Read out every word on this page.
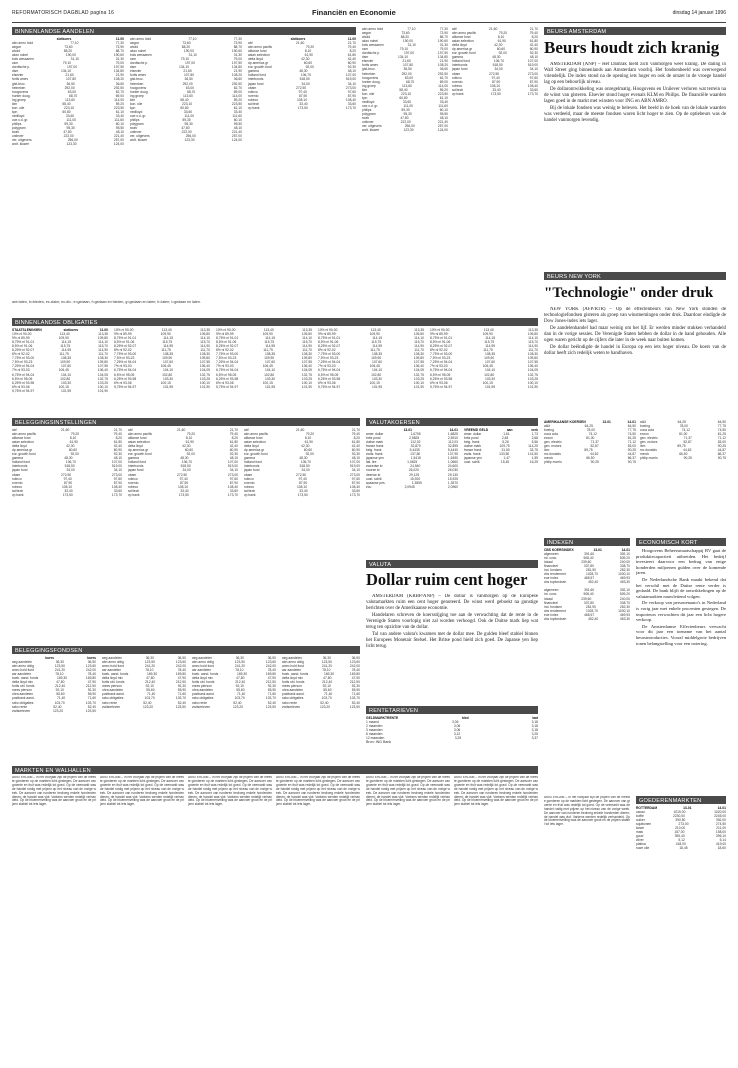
REFORMATORISCH DAGBLAD pagina 16	Financiën en Economie	dinsdag 14 januari 1996
BINNENLANDSE AANDELEN
slotkoers	11.00
abn amro hold	77,10	77,30
aegon	73,60	73,90
ahold	88,20	88,70
akzo nobel	190,00	190,60
bols wessanen	31,10	31,30
csm	79,10	79,00
dordtsche p.	197,00	197,50
dsm	134,10	134,80
elsevier	21,60	21,90
fortis amev	107,80	108,20
gist-broc.	36,50	36,60
heineken	292,00	292,50
hoogovens	63,00	62,70
hunter doug.	68,70	69,00
ing groep	113,60	114,00
klm	58,40	59,20
kon. olie	223,10	223,50
kpn	60,80	61,10
nedlloyd	33,60	33,40
oce-v.d. gr.	111,00	111,60
philips	59,30	60,10
polygram	95,30	95,50
stork	47,80	48,10
unilever	222,00	221,40
ver. uitgevers	256,00	257,00
wolt. kluwer	123,30	124,00
abn amro hold	77,10	77,30
aegon	73,60	73,90
ahold	88,20	88,70
akzo nobel	190,00	190,60
bols wessanen	31,10	31,30
csm	79,10	79,00
dordtsche p.	197,00	197,50
dsm	134,10	134,80
elsevier	21,60	21,90
fortis amev	107,80	108,20
gist-broc.	36,50	36,60
heineken	292,00	292,50
hoogovens	63,00	62,70
hunter doug.	68,70	69,00
ing groep	113,60	114,00
klm	58,40	59,20
kon. olie	223,10	223,50
kpn	60,80	61,10
nedlloyd	33,60	33,40
oce-v.d. gr.	111,00	111,60
philips	59,30	60,10
polygram	95,30	95,50
stork	47,80	48,10
unilever	222,00	221,40
ver. uitgevers	256,00	257,00
wolt. kluwer	123,30	124,00
slotkoers	11.00
abf	21,60	21,70
abn amro pacific	79,20	79,40
alliance fund	8,10	8,20
asian selection	61,90	61,80
delta lloyd	42,30	42,40
dp america gr	60,60	60,90
eur. growth fund	92,00	92,30
gamma	48,30	48,10
holland fund	106,70	107,00
interbonds	518,50	519,00
japan fund	34,00	34,10
obam	272,50	273,00
rolinco	97,40	97,60
rorento	87,90	87,90
robeco	108,10	108,40
sci/tech	33,40	33,60
vp bank	173,50	173,70
ant=laten, b=bieden, ex-claim; ex-div.; e=gedaan, f=gedaan en bieden, g=gedaan en laten; h=laten; i=gedaan en laten.
abn amro hold	77,10	77,30
aegon	73,60	73,90
ahold	88,20	88,70
akzo nobel	190,00	190,60
bols wessanen	31,10	31,30
csm	79,10	79,00
dordtsche p.	197,00	197,50
dsm	134,10	134,80
elsevier	21,60	21,90
fortis amev	107,80	108,20
gist-broc.	36,50	36,60
heineken	292,00	292,50
hoogovens	63,00	62,70
hunter doug.	68,70	69,00
ing groep	113,60	114,00
klm	58,40	59,20
kon. olie	223,10	223,50
kpn	60,80	61,10
nedlloyd	33,60	33,40
oce-v.d. gr.	111,00	111,60
philips	59,30	60,10
polygram	95,30	95,50
stork	47,80	48,10
unilever	222,00	221,40
ver. uitgevers	256,00	257,00
wolt. kluwer	123,30	124,00
abf	21,60	21,70
abn amro pacific	79,20	79,40
alliance fund	8,10	8,20
asian selection	61,90	61,80
delta lloyd	42,30	42,40
dp america gr	60,60	60,90
eur. growth fund	92,00	92,30
gamma	48,30	48,10
holland fund	106,70	107,00
interbonds	518,50	519,00
japan fund	34,00	34,10
obam	272,50	273,00
rolinco	97,40	97,60
rorento	87,90	87,90
robeco	108,10	108,40
sci/tech	33,40	33,60
vp bank	173,50	173,70
BEURS AMSTERDAM
Beurs houdt zich kranig

AMSTERDAM (ANP) – Het Damrak hield zich vanmorgen weer kranig. De daling in Wall Street ging binnenlands aan Amsterdam voorbij. Het fondsenbeeld was overwegend vriendelijk. De index stond na de opening iets hoger en ook de omzet in de vroege handel lag op een behoorlijk niveau.

De dollarontwikkeling was onregelmatig. Hoogovens en Unilever verloren wat terrein na de winst van gisteren. Elsevier stond hoger evenals KLM en Philips. De financiële waarden lagen goed in de markt met winsten voor ING en ABN AMRO.

Bij de lokale fondsen was weinig te beleven. Het beeld in de hoek van de lokale waarden was verdeeld, maar de meeste fondsen waren licht hoger te zien. Op de optiebeurs was de handel vanmorgen levendig.

BINNENLANDSE OBLIGATIES
STAATSLENINGEN	slotkoers	11.00
10% nl 90-00	113,40	113,35
9% nl 89-99	109,90	109,80
8,75% nl 91-01	114,15	114,10
8,5% nl 91-06	115,75	115,70
8,25% nl 92-07	114,95	114,90
8% nl 92-02	111,75	111,70
7,75% nl 93-00	108,35	108,30
7,5% nl 93-23	109,90	109,80
7,25% nl 94-04	107,60	107,55
7% nl 93-03	106,45	106,40
6,75% nl 94-04	104,10	104,05
6,5% nl 95-05	102,80	102,75
6,25% nl 93-98	103,30	103,25
6% nl 93-06	100,15	100,10
5,75% nl 94-97	101,95	101,90
10% nl 90-00	113,40	113,35
9% nl 89-99	109,90	109,80
8,75% nl 91-01	114,15	114,10
8,5% nl 91-06	115,75	115,70
8,25% nl 92-07	114,95	114,90
8% nl 92-02	111,75	111,70
7,75% nl 93-00	108,35	108,30
7,5% nl 93-23	109,90	109,80
7,25% nl 94-04	107,60	107,55
7% nl 93-03	106,45	106,40
6,75% nl 94-04	104,10	104,05
6,5% nl 95-05	102,80	102,75
6,25% nl 93-98	103,30	103,25
6% nl 93-06	100,15	100,10
5,75% nl 94-97	101,95	101,90
10% nl 90-00	113,40	113,35
9% nl 89-99	109,90	109,80
8,75% nl 91-01	114,15	114,10
8,5% nl 91-06	115,75	115,70
8,25% nl 92-07	114,95	114,90
8% nl 92-02	111,75	111,70
7,75% nl 93-00	108,35	108,30
7,5% nl 93-23	109,90	109,80
7,25% nl 94-04	107,60	107,55
7% nl 93-03	106,45	106,40
6,75% nl 94-04	104,10	104,05
6,5% nl 95-05	102,80	102,75
6,25% nl 93-98	103,30	103,25
6% nl 93-06	100,15	100,10
5,75% nl 94-97	101,95	101,90
10% nl 90-00	113,40	113,35
9% nl 89-99	109,90	109,80
8,75% nl 91-01	114,15	114,10
8,5% nl 91-06	115,75	115,70
8,25% nl 92-07	114,95	114,90
8% nl 92-02	111,75	111,70
7,75% nl 93-00	108,35	108,30
7,5% nl 93-23	109,90	109,80
7,25% nl 94-04	107,60	107,55
7% nl 93-03	106,45	106,40
6,75% nl 94-04	104,10	104,05
6,5% nl 95-05	102,80	102,75
6,25% nl 93-98	103,30	103,25
6% nl 93-06	100,15	100,10
5,75% nl 94-97	101,95	101,90
10% nl 90-00	113,40	113,35
9% nl 89-99	109,90	109,80
8,75% nl 91-01	114,15	114,10
8,5% nl 91-06	115,75	115,70
8,25% nl 92-07	114,95	114,90
8% nl 92-02	111,75	111,70
7,75% nl 93-00	108,35	108,30
7,5% nl 93-23	109,90	109,80
7,25% nl 94-04	107,60	107,55
7% nl 93-03	106,45	106,40
6,75% nl 94-04	104,10	104,05
6,5% nl 95-05	102,80	102,75
6,25% nl 93-98	103,30	103,25
6% nl 93-06	100,15	100,10
5,75% nl 94-97	101,95	101,90
BEURS NEW YORK
"Technologie" onder druk

NEW YORK (AFP/RTR) – Op de effectenbeurs van New York stonden de technologiefondsen gisteren als groep van winstnemingen onder druk. Daardoor eindigde de Dow Jones-index iets lager.

De aandelenhandel had maar weinig om het lijf. Er werden minder stukken verhandeld dan in de vorige sessies. De Verenigde Staten hebben de dollar in de hand gehouden. Alle ogen waren gericht op de cijfers die later in de week naar buiten komen.

De dollar beëindigde de handel in Europa op een iets hoger niveau. De koers van de dollar heeft zich redelijk weten te handhaven.

BELEGGINGSINSTELLINGEN
abf	21,60	21,70
abn amro pacific	79,20	79,40
alliance fund	8,10	8,20
asian selection	61,90	61,80
delta lloyd	42,30	42,40
dp america gr	60,60	60,90
eur. growth fund	92,00	92,30
gamma	48,30	48,10
holland fund	106,70	107,00
interbonds	518,50	519,00
japan fund	34,00	34,10
obam	272,50	273,00
rolinco	97,40	97,60
rorento	87,90	87,90
robeco	108,10	108,40
sci/tech	33,40	33,60
vp bank	173,50	173,70
abf	21,60	21,70
abn amro pacific	79,20	79,40
alliance fund	8,10	8,20
asian selection	61,90	61,80
delta lloyd	42,30	42,40
dp america gr	60,60	60,90
eur. growth fund	92,00	92,30
gamma	48,30	48,10
holland fund	106,70	107,00
interbonds	518,50	519,00
japan fund	34,00	34,10
obam	272,50	273,00
rolinco	97,40	97,60
rorento	87,90	87,90
robeco	108,10	108,40
sci/tech	33,40	33,60
vp bank	173,50	173,70
abf	21,60	21,70
abn amro pacific	79,20	79,40
alliance fund	8,10	8,20
asian selection	61,90	61,80
delta lloyd	42,30	42,40
dp america gr	60,60	60,90
eur. growth fund	92,00	92,30
gamma	48,30	48,10
holland fund	106,70	107,00
interbonds	518,50	519,00
japan fund	34,00	34,10
obam	272,50	273,00
rolinco	97,40	97,60
rorento	87,90	87,90
robeco	108,10	108,40
sci/tech	33,40	33,60
vp bank	173,50	173,70
VALUTAKOERSEN
13-01	14-01
amer. dollar	1,6705	1,6825
brits pond	2,5825	2,5910
duitse mark	112,02	112,03
franse frank	32,870	32,895
belg. frank	5,4435	5,4440
zwits. frank	137,80	137,95
japanse yen	1,5415	1,5490
ital. lire	1,0625	1,0660
zweedse kr	24,540	24,600
noorse kr	26,020	26,030
deense kr	29,125	29,130
oost. schill.	15,920	15,925
spaanse pes.	1,3555	1,3570
ecu	2,0945	2,0960
VREEMD GELD	aan	verk
amer. dollar	1,61	1,73
brits pond	2,48	2,68
belg. frank	5,26	5,56
duitse mark	109,75	114,25
franse frank	31,50	33,75
zwits. frank	133,50	141,50
japanse yen	1,47	1,59
oost. schill.	15,45	16,25
VALUTA
Dollar ruim cent hoger

AMSTERDAM (KRBP/ANP) – De dollar is vanmorgen op de Europese valutamarkten ruim een cent hoger genoteerd. De winst werd geboekt na gunstige berichten over de Amerikaanse economie.

Handelaren schreven de koersstijging toe aan de verwachting dat de rente in de Verenigde Staten voorlopig niet zal worden verhoogd. Ook de Duitse mark liep wat terug ten opzichte van de dollar.

Tal van andere valuta's kwamen met de dollar mee. De gulden bleef stabiel binnen het Europees Monetair Stelsel. Het Britse pond hield zich goed. De Japanse yen liep licht terug.

AMERIKAANSE KOERSEN	13-01	14-01
at&t	64,25	64,50
boeing	78,00	77,75
coca cola	74,12	74,50
exxon	81,00	81,25
gen. electric	71,37	71,12
gen. motors	52,87	53,00
ibm	89,75	90,25
mc donalds	44,62	44,87
merck	66,50	66,37
philip morris	90,25	90,75
at&t	64,25	64,50
boeing	78,00	77,75
coca cola	74,12	74,50
exxon	81,00	81,25
gen. electric	71,37	71,12
gen. motors	52,87	53,00
ibm	89,75	90,25
mc donalds	44,62	44,87
merck	66,50	66,37
philip morris	90,25	90,75
INDEXEN
CBS KOERSINDEX	13-01	14-01
algemeen	391,60	392,10
int. conc.	508,40	509,20
lokaal	239,60	240,00
financieel	337,80	338,70
ind. fondsen	281,90	282,30
cbs rendement	1028,70	1030,10
eoe index	468,57	469,93
cbs topfondsen	452,40	453,30
algemeen	391,60	392,10
int. conc.	508,40	509,20
lokaal	239,60	240,00
financieel	337,80	338,70
ind. fondsen	281,90	282,30
cbs rendement	1028,70	1030,10
eoe index	468,57	469,93
cbs topfondsen	452,40	453,30
ECONOMISCH KORT

Hoogovens Beheersmaatschappij BV gaat de produktiecapaciteit uitbreiden. Het bedrijf investeert daarvoor een bedrag van enige honderden miljoenen gulden over de komende jaren.

De Nederlandsche Bank maakt bekend dat het verschil met de Duitse rente verder is gedaald. De bank blijft de ontwikkelingen op de valutamarkten nauwlettend volgen.

De verkoop van personenauto's in Nederland is vorig jaar met enkele procenten gestegen. De importeurs verwachten dit jaar een licht hogere verkoop.

De Amsterdamse Effectenbeurs verwacht voor dit jaar een toename van het aantal beursintroducties. Vooral middelgrote bedrijven tonen belangstelling voor een notering.

BELEGGINGSFONDSEN
koers	koers
aeg aandelen	36,30	36,50
abn amro oblig	123,50	123,60
amro hold fund	241,20	242,00
asr aandelen	78,10	78,40
boek. aand. fonds	169,30	169,80
delta lloyd mix	47,80	47,90
fortis obl. fonds	212,40	212,50
mees pierson	92,10	92,30
ohra aandelen	55,60	55,90
postbank aand.	71,40	71,60
rabo obligaties	103,70	103,70
rabo rente	52,40	52,40
zwitserleven	123,20	123,50
aeg aandelen	36,30	36,50
abn amro oblig	123,50	123,60
amro hold fund	241,20	242,00
asr aandelen	78,10	78,40
boek. aand. fonds	169,30	169,80
delta lloyd mix	47,80	47,90
fortis obl. fonds	212,40	212,50
mees pierson	92,10	92,30
ohra aandelen	55,60	55,90
postbank aand.	71,40	71,60
rabo obligaties	103,70	103,70
rabo rente	52,40	52,40
zwitserleven	123,20	123,50
aeg aandelen	36,30	36,50
abn amro oblig	123,50	123,60
amro hold fund	241,20	242,00
asr aandelen	78,10	78,40
boek. aand. fonds	169,30	169,80
delta lloyd mix	47,80	47,90
fortis obl. fonds	212,40	212,50
mees pierson	92,10	92,30
ohra aandelen	55,60	55,90
postbank aand.	71,40	71,60
rabo obligaties	103,70	103,70
rabo rente	52,40	52,40
zwitserleven	123,20	123,50
aeg aandelen	36,30	36,50
abn amro oblig	123,50	123,60
amro hold fund	241,20	242,00
asr aandelen	78,10	78,40
boek. aand. fonds	169,30	169,80
delta lloyd mix	47,80	47,90
fortis obl. fonds	212,40	212,50
mees pierson	92,10	92,30
ohra aandelen	55,60	55,90
postbank aand.	71,40	71,60
rabo obligaties	103,70	103,70
rabo rente	52,40	52,40
zwitserleven	123,20	123,50
RENTETARIEVEN
GELDMARKTRENTE	bied	laat
1 maand	3,06	3,18
2 maanden	3,06	3,18
3 maanden	3,06	3,18
6 maanden	3,12	3,25
12 maanden	3,25	3,37
Bron: ING Bank
MARKTEN EN WALHALLEN
AMSTERDAM – In het voorjaar zijn de prijzen van de meeste goederen op de markten licht gestegen. De aanvoer van groente en fruit was redelijk tot goed. Op de veemarkt was de handel rustig met prijzen op het niveau van de vorige week. De aanvoer van runderen bedroeg enkele honderden dieren; de handel was vlot. Varkens werden redelijk verhandeld. Op de bloemenveiling was de aanvoer groot en de prijzen stabiel tot iets lager.
AMSTERDAM – In het voorjaar zijn de prijzen van de meeste goederen op de markten licht gestegen. De aanvoer van groente en fruit was redelijk tot goed. Op de veemarkt was de handel rustig met prijzen op het niveau van de vorige week. De aanvoer van runderen bedroeg enkele honderden dieren; de handel was vlot. Varkens werden redelijk verhandeld. Op de bloemenveiling was de aanvoer groot en de prijzen stabiel tot iets lager.
AMSTERDAM – In het voorjaar zijn de prijzen van de meeste goederen op de markten licht gestegen. De aanvoer van groente en fruit was redelijk tot goed. Op de veemarkt was de handel rustig met prijzen op het niveau van de vorige week. De aanvoer van runderen bedroeg enkele honderden dieren; de handel was vlot. Varkens werden redelijk verhandeld. Op de bloemenveiling was de aanvoer groot en de prijzen stabiel tot iets lager.
AMSTERDAM – In het voorjaar zijn de prijzen van de meeste goederen op de markten licht gestegen. De aanvoer van groente en fruit was redelijk tot goed. Op de veemarkt was de handel rustig met prijzen op het niveau van de vorige week. De aanvoer van runderen bedroeg enkele honderden dieren; de handel was vlot. Varkens werden redelijk verhandeld. Op de bloemenveiling was de aanvoer groot en de prijzen stabiel tot iets lager.
AMSTERDAM – In het voorjaar zijn de prijzen van de meeste goederen op de markten licht gestegen. De aanvoer van groente en fruit was redelijk tot goed. Op de veemarkt was de handel rustig met prijzen op het niveau van de vorige week. De aanvoer van runderen bedroeg enkele honderden dieren; de handel was vlot. Varkens werden redelijk verhandeld. Op de bloemenveiling was de aanvoer groot en de prijzen stabiel tot iets lager.
AMSTERDAM – In het voorjaar zijn de prijzen van de meeste goederen op de markten licht gestegen. De aanvoer van groente en fruit was redelijk tot goed. Op de veemarkt was de handel rustig met prijzen op het niveau van de vorige week. De aanvoer van runderen bedroeg enkele honderden dieren; de handel was vlot. Varkens werden redelijk verhandeld. Op de bloemenveiling was de aanvoer groot en de prijzen stabiel tot iets lager.
AMSTERDAM – In het voorjaar zijn de prijzen van de meeste goederen op de markten licht gestegen. De aanvoer van groente en fruit was redelijk tot goed. Op de veemarkt was de handel rustig met prijzen op het niveau van de vorige week. De aanvoer van runderen bedroeg enkele honderden dieren; de handel was vlot. Varkens werden redelijk verhandeld. Op de bloemenveiling was de aanvoer groot en de prijzen stabiel tot iets lager.
GOEDERENMARKTEN
ROTTERDAM	13-01	14-01
cacao	1015,00	1020,00
koffie	2230,00	2245,00
suiker	390,50	392,00
sojabonen	273,00	274,50
tarwe	210,00	211,00
mais	157,00	158,00
goud	395,40	396,10
zilver	5,12	5,14
platina	418,00	419,00
ruwe olie	18,45	18,60
